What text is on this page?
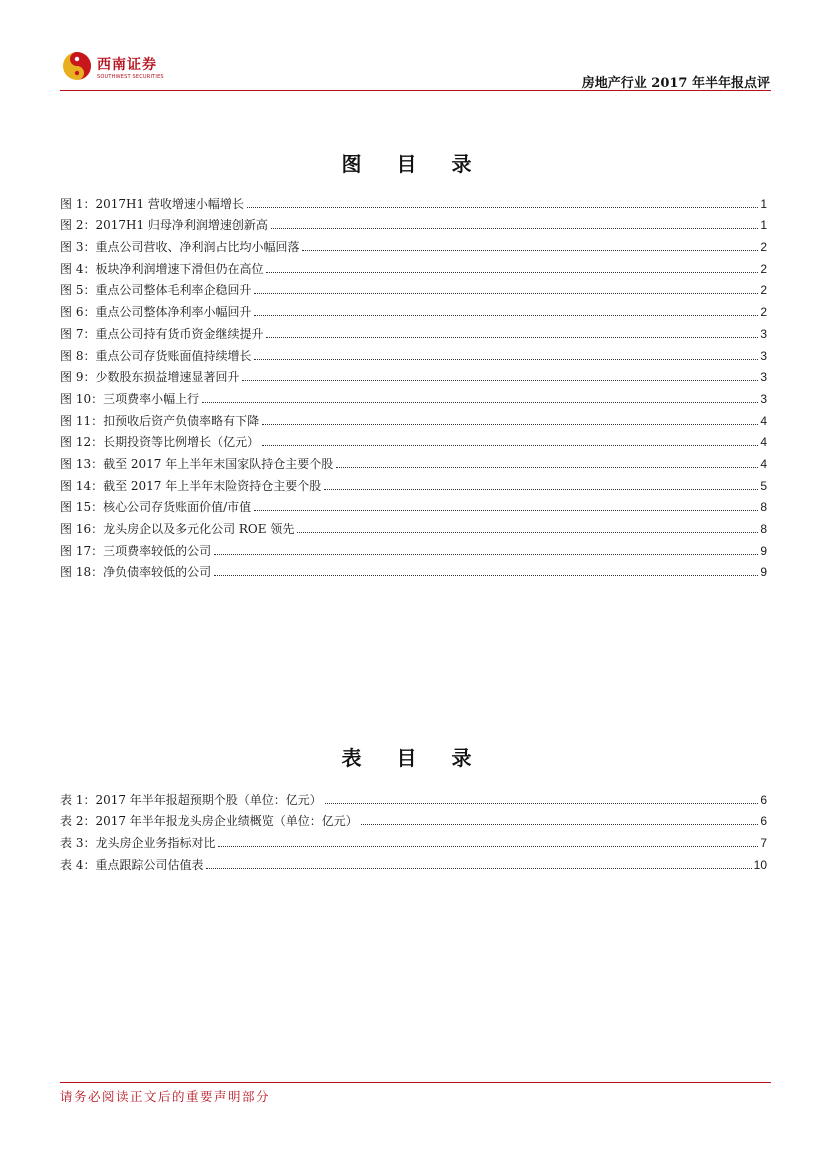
西南证券
SOUTHWEST SECURITIES	房地产行业 2017 年半年报点评
图 目 录
图 1：2017H1 营收增速小幅增长	1
图 2：2017H1 归母净利润增速创新高	1
图 3：重点公司营收、净利润占比均小幅回落	2
图 4：板块净利润增速下滑但仍在高位	2
图 5：重点公司整体毛利率企稳回升	2
图 6：重点公司整体净利率小幅回升	2
图 7：重点公司持有货币资金继续提升	3
图 8：重点公司存货账面值持续增长	3
图 9：少数股东损益增速显著回升	3
图 10：三项费率小幅上行	3
图 11：扣预收后资产负债率略有下降	4
图 12：长期投资等比例增长（亿元）	4
图 13：截至 2017 年上半年末国家队持仓主要个股	4
图 14：截至 2017 年上半年末险资持仓主要个股	5
图 15：核心公司存货账面价值/市值	8
图 16：龙头房企以及多元化公司 ROE 领先	8
图 17：三项费率较低的公司	9
图 18：净负债率较低的公司	9
表 目 录
表 1：2017 年半年报超预期个股（单位：亿元）	6
表 2：2017 年半年报龙头房企业绩概览（单位：亿元）	6
表 3：龙头房企业务指标对比	7
表 4：重点跟踪公司估值表	10
请务必阅读正文后的重要声明部分
